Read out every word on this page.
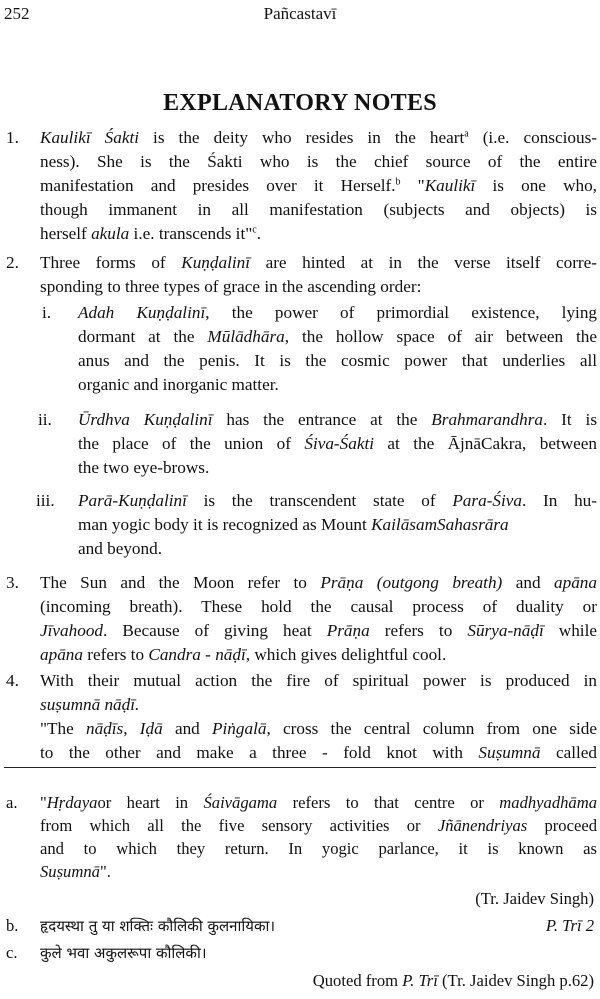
252	Pañcastavī
EXPLANATORY NOTES
1. Kaulikī Śakti is the deity who resides in the heart$^a$ (i.e. conscious-
ness). She is the Śakti who is the chief source of the entire
manifestation and presides over it Herself.$^b$ "Kaulikī is one who,
though immanent in all manifestation (subjects and objects) is
herself akula i.e. transcends it"$^c$.
2. Three forms of Kuṇḍalinī are hinted at in the verse itself corre-
sponding to three types of grace in the ascending order:
i. Adah Kuṇḍalinī, the power of primordial existence, lying
dormant at the Mūlādhāra, the hollow space of air between the
anus and the penis. It is the cosmic power that underlies all
organic and inorganic matter.
ii. Ūrdhva Kuṇḍalinī has the entrance at the Brahmarandhra. It is
the place of the union of Śiva-Śakti at the ĀjnāCakra, between
the two eye-brows.
iii. Parā-Kuṇḍalinī is the transcendent state of Para-Śiva. In hu-
man yogic body it is recognized as Mount KailāsamSahasrāra
and beyond.
3. The Sun and the Moon refer to Prāṇa (outgong breath) and apāna
(incoming breath). These hold the causal process of duality or
Jīvahood. Because of giving heat Prāṇa refers to Sūrya-nāḍī while
apāna refers to Candra - nāḍī, which gives delightful cool.
4. With their mutual action the fire of spiritual power is produced in
suṣumnā nāḍī.
"The nāḍīs, Iḍā and Piṅgalā, cross the central column from one side
to the other and make a three - fold knot with Suṣumnā called
a. "Hṛdayaor heart in Śaivāgama refers to that centre or madhyadhāma
from which all the five sensory activities or Jñānendriyas proceed
and to which they return. In yogic parlance, it is known as
Suṣumnā".
(Tr. Jaidev Singh)
b. हृदयस्था तु या शक्तिः कौलिकी कुलनायिका।	P. Trī 2
c. कुले भवा अकुलरूपा कौलिकी।
Quoted from P. Trī (Tr. Jaidev Singh p.62)
